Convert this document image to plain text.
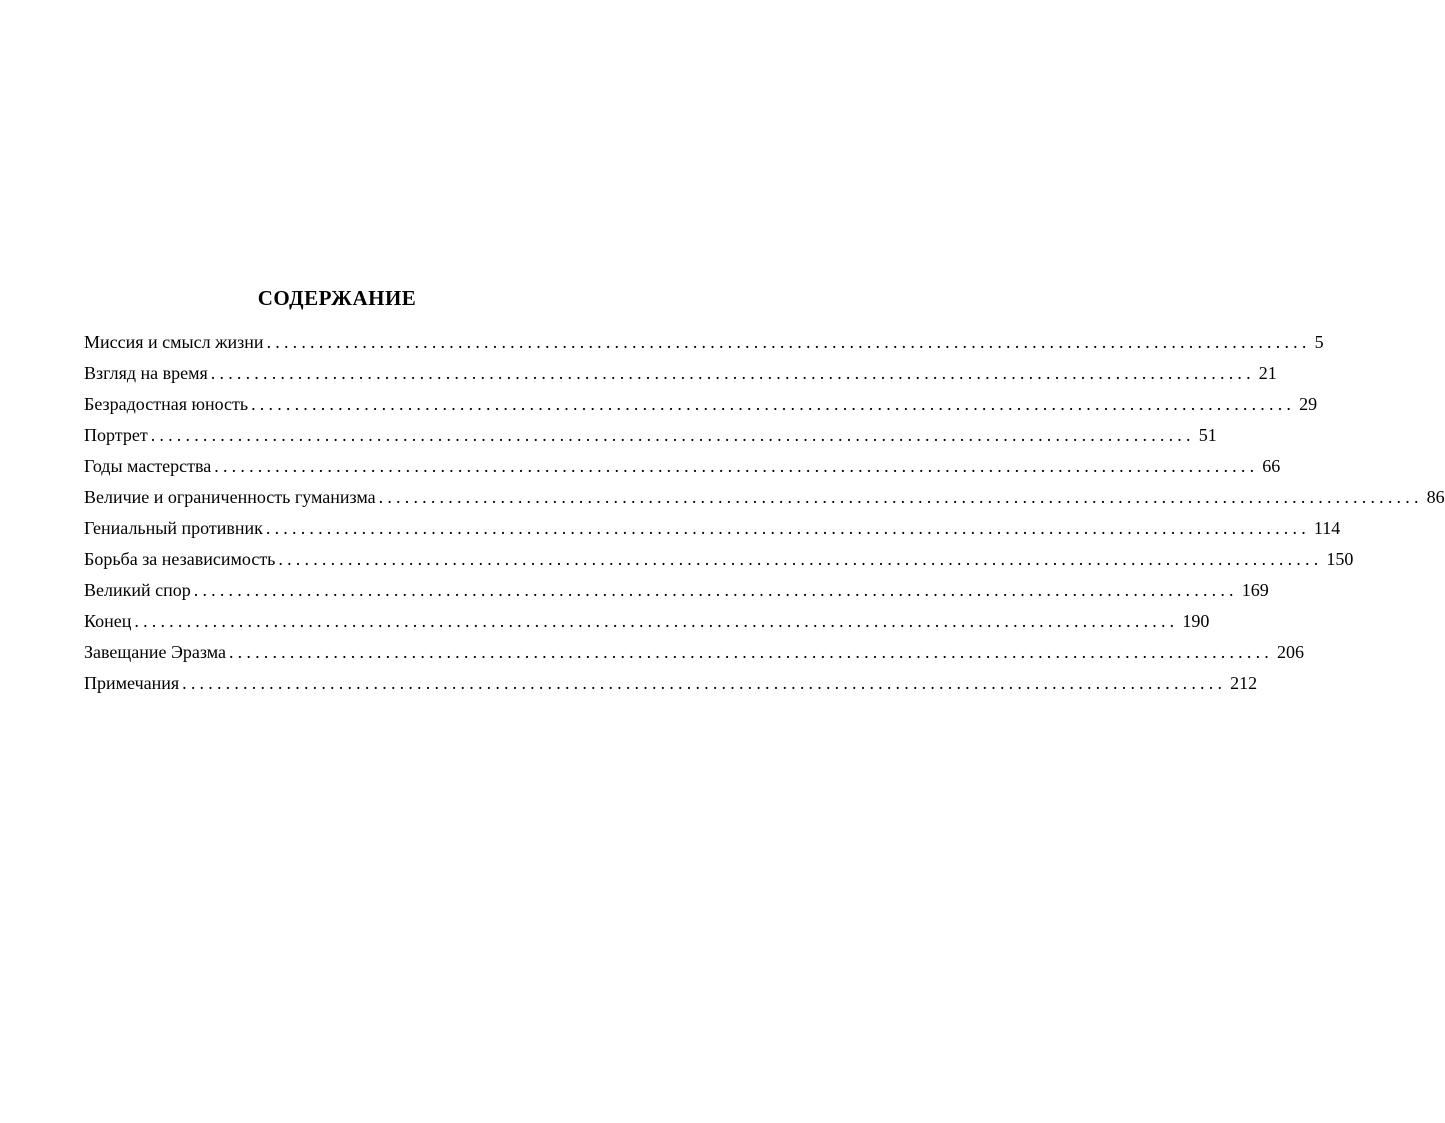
СОДЕРЖАНИЕ
Миссия и смысл жизни ........................................................................................................................ 5
Взгляд на время ........................................................................................................................ 21
Безрадостная юность ........................................................................................................................ 29
Портрет ........................................................................................................................ 51
Годы мастерства ........................................................................................................................ 66
Величие и ограниченность гуманизма ........................................................................................................................ 86
Гениальный противник ........................................................................................................................ 114
Борьба за независимость ........................................................................................................................ 150
Великий спор ........................................................................................................................ 169
Конец ........................................................................................................................ 190
Завещание Эразма ........................................................................................................................ 206
Примечания ........................................................................................................................ 212
